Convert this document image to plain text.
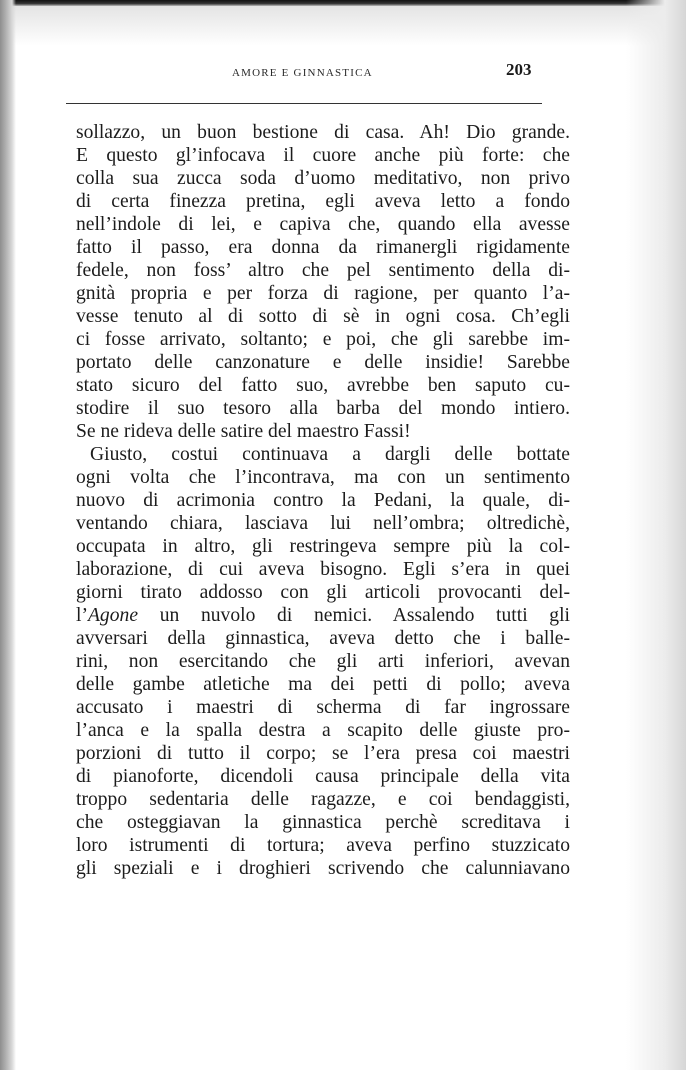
AMORE E GINNASTICA	203
sollazzo, un buon bestione di casa. Ah! Dio grande.
E questo gl’infocava il cuore anche più forte: che
colla sua zucca soda d’uomo meditativo, non privo
di certa finezza pretina, egli aveva letto a fondo
nell’indole di lei, e capiva che, quando ella avesse
fatto il passo, era donna da rimanergli rigidamente
fedele, non foss’ altro che pel sentimento della di-
gnità propria e per forza di ragione, per quanto l’a-
vesse tenuto al di sotto di sè in ogni cosa. Ch’egli
ci fosse arrivato, soltanto; e poi, che gli sarebbe im-
portato delle canzonature e delle insidie! Sarebbe
stato sicuro del fatto suo, avrebbe ben saputo cu-
stodire il suo tesoro alla barba del mondo intiero.
Se ne rideva delle satire del maestro Fassi!
Giusto, costui continuava a dargli delle bottate
ogni volta che l’incontrava, ma con un sentimento
nuovo di acrimonia contro la Pedani, la quale, di-
ventando chiara, lasciava lui nell’ombra; oltredichè,
occupata in altro, gli restringeva sempre più la col-
laborazione, di cui aveva bisogno. Egli s’era in quei
giorni tirato addosso con gli articoli provocanti del-
l’Agone un nuvolo di nemici. Assalendo tutti gli
avversari della ginnastica, aveva detto che i balle-
rini, non esercitando che gli arti inferiori, avevan
delle gambe atletiche ma dei petti di pollo; aveva
accusato i maestri di scherma di far ingrossare
l’anca e la spalla destra a scapito delle giuste pro-
porzioni di tutto il corpo; se l’era presa coi maestri
di pianoforte, dicendoli causa principale della vita
troppo sedentaria delle ragazze, e coi bendaggisti,
che osteggiavan la ginnastica perchè screditava i
loro istrumenti di tortura; aveva perfino stuzzicato
gli speziali e i droghieri scrivendo che calunniavano
